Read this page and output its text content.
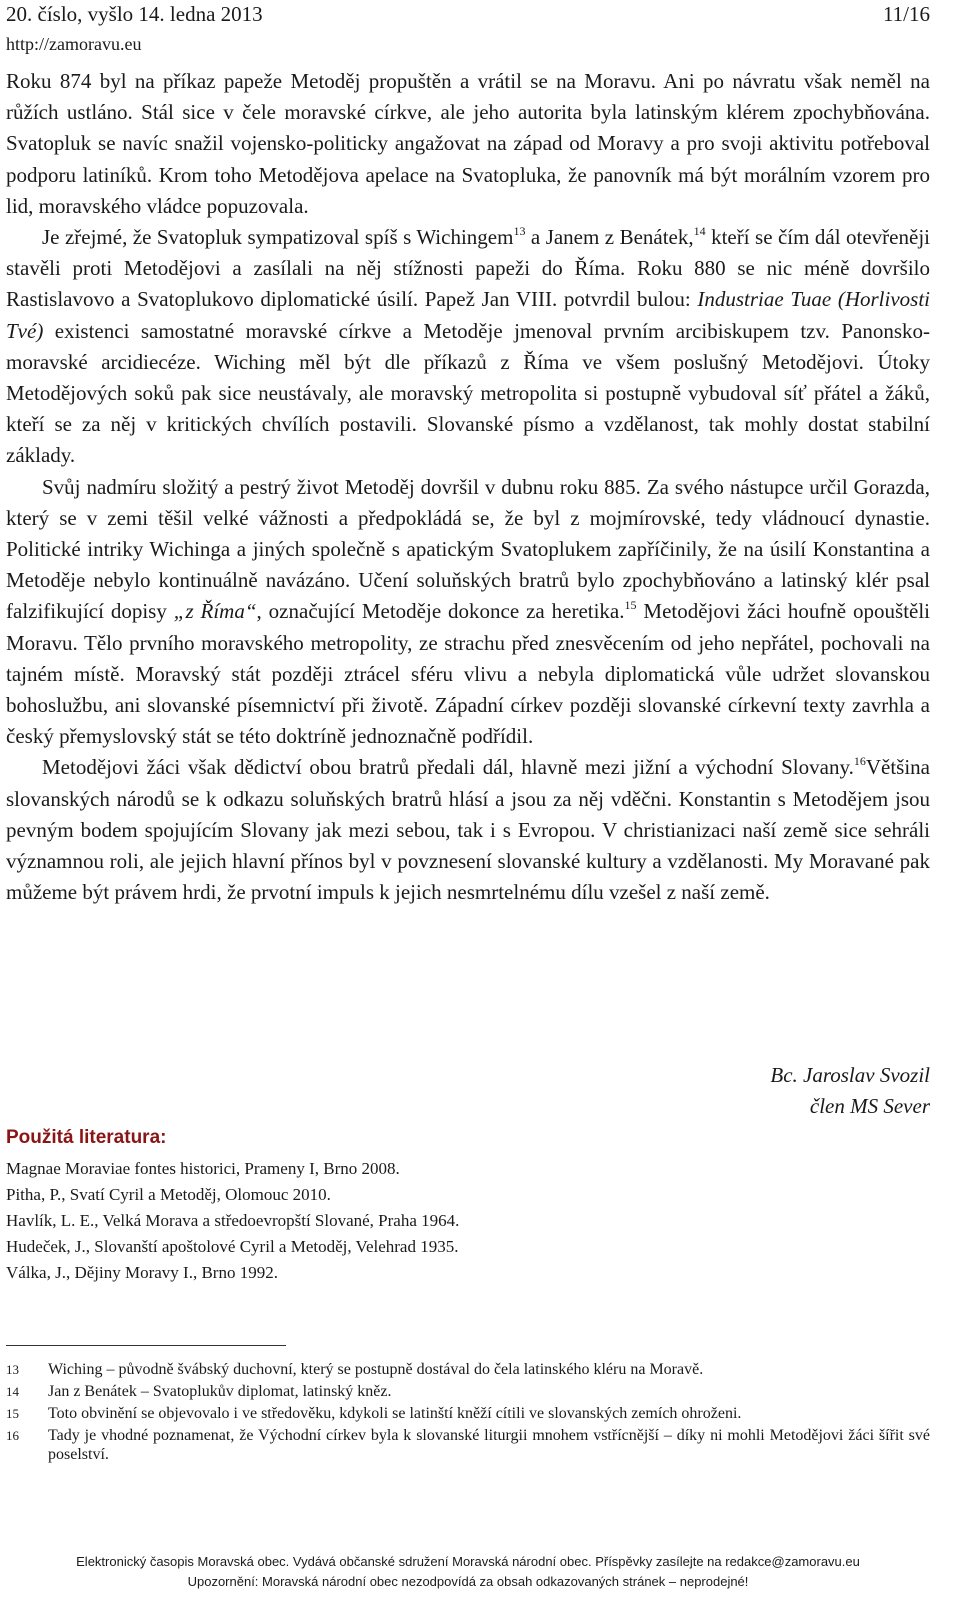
20. číslo, vyšlo 14. ledna 2013	11/16
http://zamoravu.eu

Roku 874 byl na příkaz papeže Metoděj propuštěn a vrátil se na Moravu. Ani po návratu však neměl na růžích ustláno. Stál sice v čele moravské církve, ale jeho autorita byla latinským klérem zpochybňována. Svatopluk se navíc snažil vojensko-politicky angažovat na západ od Moravy a pro svoji aktivitu potřeboval podporu latiníků. Krom toho Metodějova apelace na Svatopluka, že panovník má být morálním vzorem pro lid, moravského vládce popuzovala.

Je zřejmé, že Svatopluk sympatizoval spíš s Wichingem$^{13}$ a Janem z Benátek,$^{14}$ kteří se čím dál otevřeněji stavěli proti Metodějovi a zasílali na něj stížnosti papeži do Říma. Roku 880 se nic méně dovršilo Rastislavovo a Svatoplukovo diplomatické úsilí. Papež Jan VIII. potvrdil bulou: Industriae Tuae (Horlivosti Tvé) existenci samostatné moravské církve a Metoděje jmenoval prvním arcibiskupem tzv. Panonsko-moravské arcidiecéze. Wiching měl být dle příkazů z Říma ve všem poslušný Metodějovi. Útoky Metodějových soků pak sice neustávaly, ale moravský metropolita si postupně vybudoval síť přátel a žáků, kteří se za něj v kritických chvílích postavili. Slovanské písmo a vzdělanost, tak mohly dostat stabilní základy.

Svůj nadmíru složitý a pestrý život Metoděj dovršil v dubnu roku 885. Za svého nástupce určil Gorazda, který se v zemi těšil velké vážnosti a předpokládá se, že byl z mojmírovské, tedy vládnoucí dynastie. Politické intriky Wichinga a jiných společně s apatickým Svatoplukem zapříčinily, že na úsilí Konstantina a Metoděje nebylo kontinuálně navázáno. Učení soluňských bratrů bylo zpochybňováno a latinský klér psal falzifikující dopisy „z Říma“, označující Metoděje dokonce za heretika.$^{15}$ Metodějovi žáci houfně opouštěli Moravu. Tělo prvního moravského metropolity, ze strachu před znesvěcením od jeho nepřátel, pochovali na tajném místě. Moravský stát později ztrácel sféru vlivu a nebyla diplomatická vůle udržet slovanskou bohoslužbu, ani slovanské písemnictví při životě. Západní církev později slovanské církevní texty zavrhla a český přemyslovský stát se této doktríně jednoznačně podřídil.

Metodějovi žáci však dědictví obou bratrů předali dál, hlavně mezi jižní a východní Slovany.$^{16}$Většina slovanských národů se k odkazu soluňských bratrů hlásí a jsou za něj vděčni. Konstantin s Metodějem jsou pevným bodem spojujícím Slovany jak mezi sebou, tak i s Evropou. V christianizaci naší země sice sehráli významnou roli, ale jejich hlavní přínos byl v povznesení slovanské kultury a vzdělanosti. My Moravané pak můžeme být právem hrdi, že prvotní impuls k jejich nesmrtelnému dílu vzešel z naší země.

Bc. Jaroslav Svozil
člen MS Sever
Použitá literatura:
Magnae Moraviae fontes historici, Prameny I, Brno 2008.
Pitha, P., Svatí Cyril a Metoděj, Olomouc 2010.
Havlík, L. E., Velká Morava a středoevropští Slované, Praha 1964.
Hudeček, J., Slovanští apoštolové Cyril a Metoděj, Velehrad 1935.
Válka, J., Dějiny Moravy I., Brno 1992.
13 Wiching – původně švábský duchovní, který se postupně dostával do čela latinského kléru na Moravě.
14 Jan z Benátek – Svatoplukův diplomat, latinský kněz.
15 Toto obvinění se objevovalo i ve středověku, kdykoli se latinští kněží cítili ve slovanských zemích ohroženi.
16 Tady je vhodné poznamenat, že Východní církev byla k slovanské liturgii mnohem vstřícnější – díky ni mohli Metodějovi žáci šířit své poselství.
Elektronický časopis Moravská obec. Vydává občanské sdružení Moravská národní obec. Příspěvky zasílejte na redakce@zamoravu.eu
Upozornění: Moravská národní obec nezodpovídá za obsah odkazovaných stránek – neprodejné!
